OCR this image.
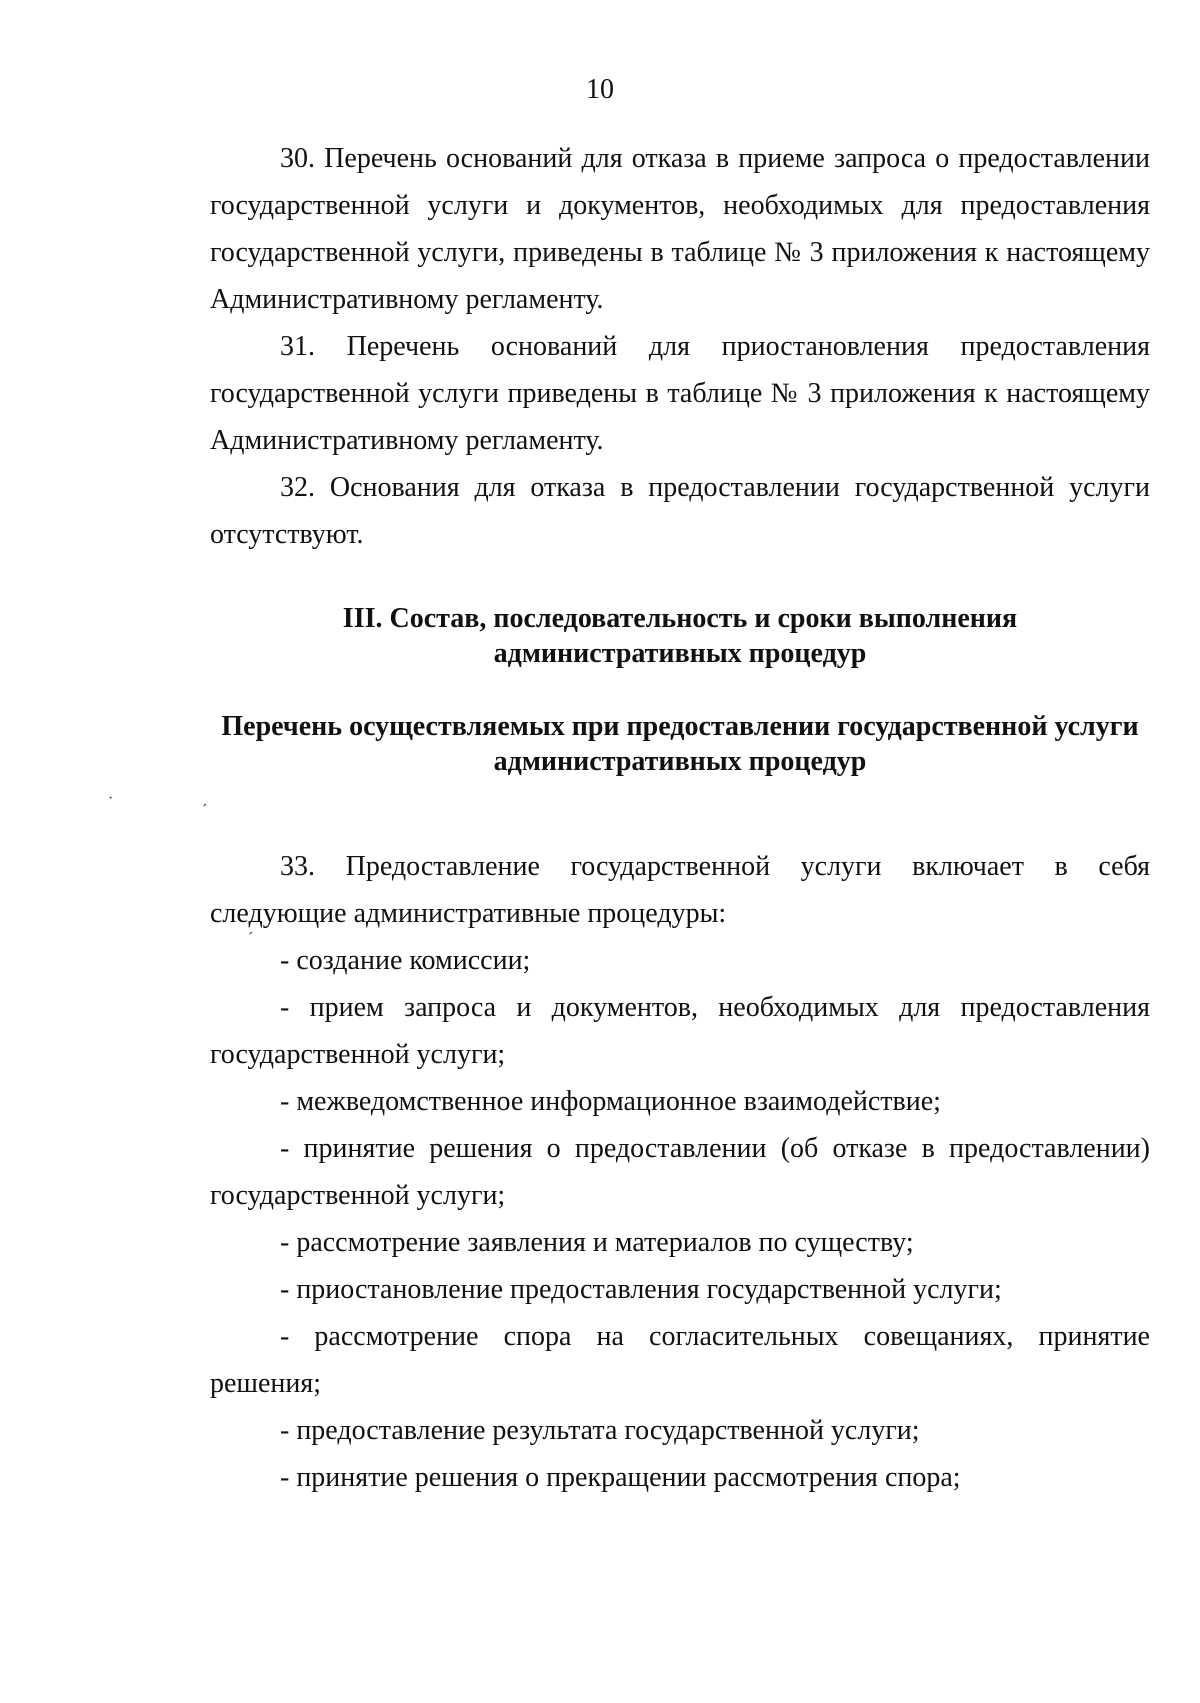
10

30. Перечень оснований для отказа в приеме запроса о предоставлении государственной услуги и документов, необходимых для предоставления государственной услуги, приведены в таблице № 3 приложения к настоящему Административному регламенту.

31. Перечень оснований для приостановления предоставления государственной услуги приведены в таблице № 3 приложения к настоящему Административному регламенту.

32. Основания для отказа в предоставлении государственной услуги отсутствуют.

III. Состав, последовательность и сроки выполнения

административных процедур

Перечень осуществляемых при предоставлении государственной услуги

административных процедур

33. Предоставление государственной услуги включает в себя следующие административные процедуры:

- создание комиссии;
- прием запроса и документов, необходимых для предоставления государственной услуги;
- межведомственное информационное взаимодействие;
- принятие решения о предоставлении (об отказе в предоставлении) государственной услуги;
- рассмотрение заявления и материалов по существу;
- приостановление предоставления государственной услуги;
- рассмотрение спора на согласительных совещаниях, принятие решения;
- предоставление результата государственной услуги;
- принятие решения о прекращении рассмотрения спора;
·
ˊ
ˊ
